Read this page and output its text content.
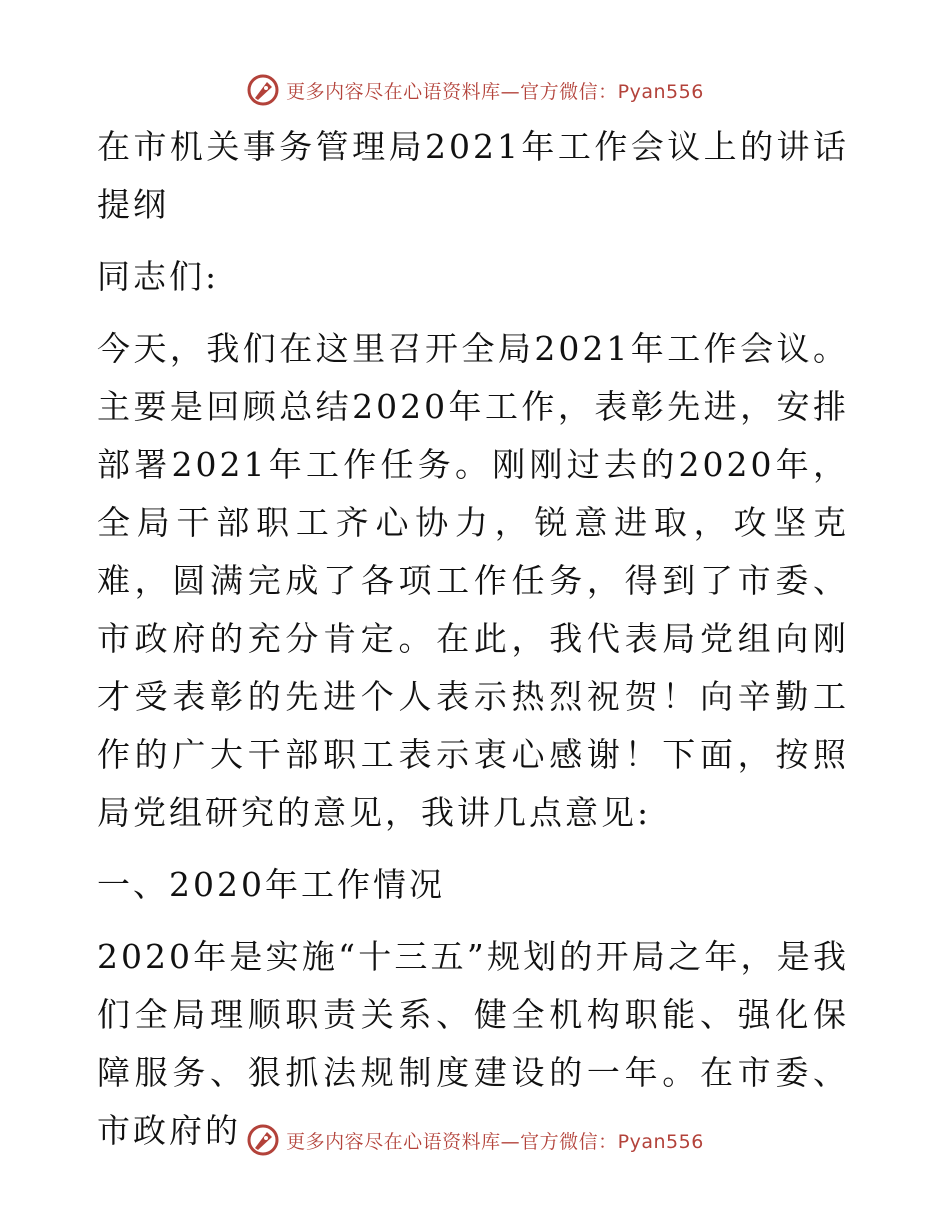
更多内容尽在心语资料库—官方微信：Pyan556

在市机关事务管理局2021年工作会议上的讲话提纲

同志们:

今天，我们在这里召开全局2021年工作会议。主要是回顾总结2020年工作，表彰先进，安排部署2021年工作任务。刚刚过去的2020年，全局干部职工齐心协力，锐意进取，攻坚克难，圆满完成了各项工作任务，得到了市委、市政府的充分肯定。在此，我代表局党组向刚才受表彰的先进个人表示热烈祝贺！向辛勤工作的广大干部职工表示衷心感谢！下面，按照局党组研究的意见，我讲几点意见:

一、2020年工作情况

2020年是实施“十三五”规划的开局之年，是我们全局理顺职责关系、健全机构职能、强化保障服务、狠抓法规制度建设的一年。在市委、市政府的	更多内容尽在心语资料库—官方微信：Pyan556
